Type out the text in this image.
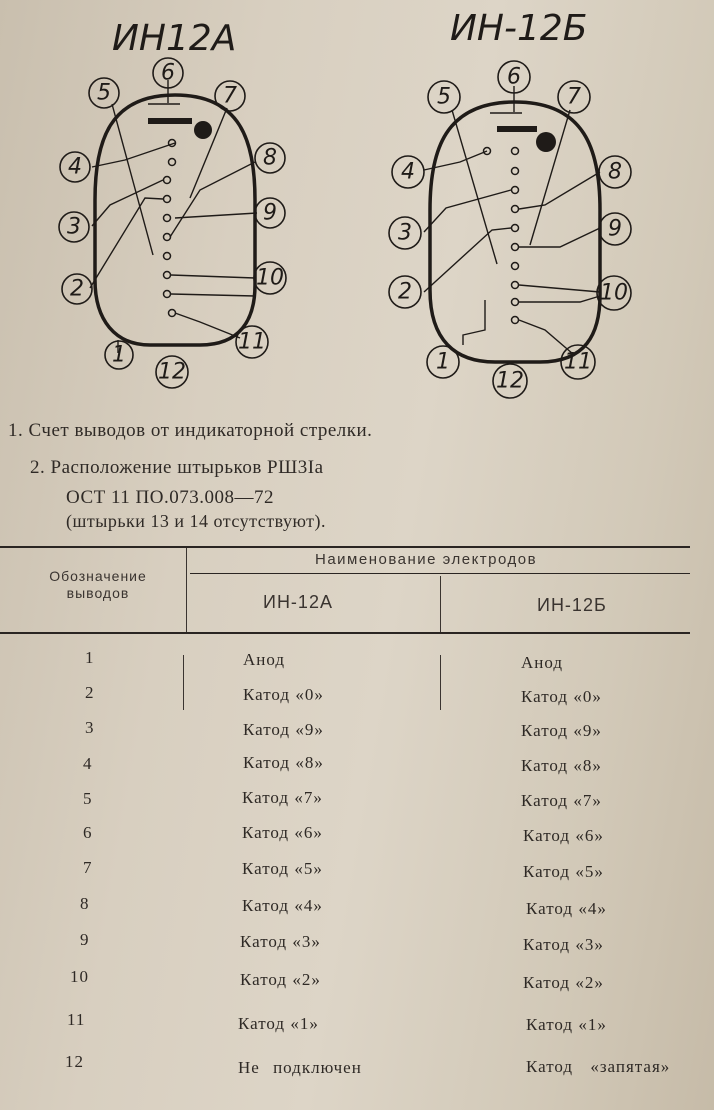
ИН12А
1
2
3
4
5
6
7
8
9
10
11
12
ИН-12Б
1
2
3
4
5
6
7
8
9
10
11
12
1. Счет выводов от индикаторной стрелки.
2. Расположение штырьков РШ3Iа
ОСТ 11 ПО.073.008—72
(штырьки 13 и 14 отсутствуют).
Обозначение
выводов
Наименование электродов
ИН-12А	ИН-12Б
1	Анод	Анод
2	Катод «0»	Катод «0»
3	Катод «9»	Катод «9»
4	Катод «8»	Катод «8»
5	Катод «7»	Катод «7»
6	Катод «6»	Катод «6»
7	Катод «5»	Катод «5»
8	Катод «4»	Катод «4»
9	Катод «3»	Катод «3»
10	Катод «2»	Катод «2»
11	Катод «1»	Катод «1»
12	Не подключен	Катод «запятая»
